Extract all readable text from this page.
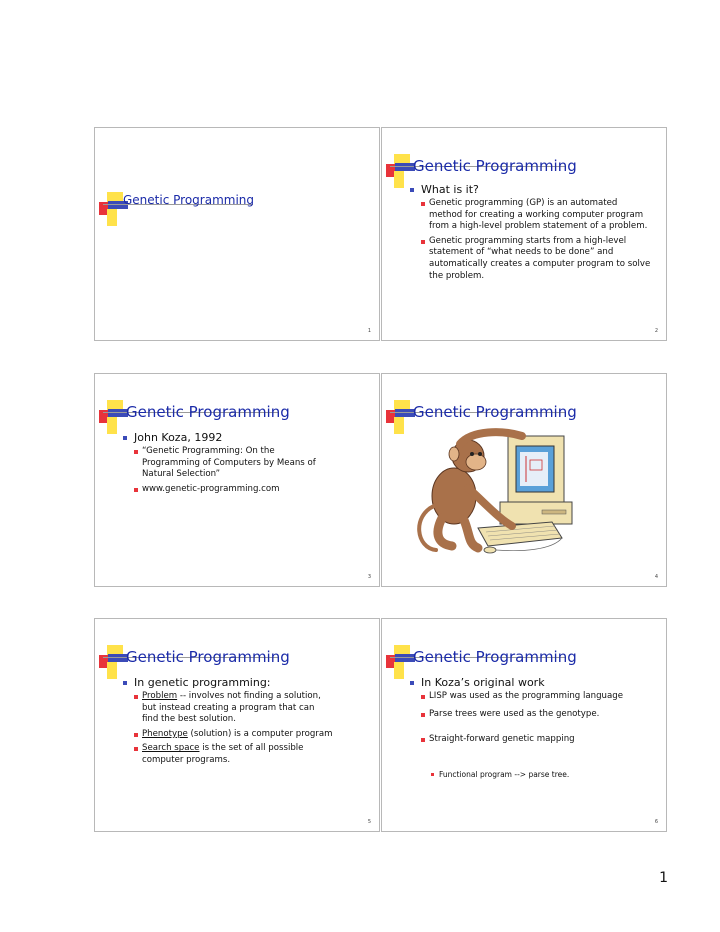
Genetic Programming
1
Genetic Programming
What is it?
Genetic programming (GP) is an automated method for creating a working computer program from a high-level problem statement of a problem.
Genetic programming starts from a high-level statement of “what needs to be done” and automatically creates a computer program to solve the problem.
2
Genetic Programming
John Koza, 1992
“Genetic Programming: On the Programming of Computers by Means of Natural Selection”
www.genetic-programming.com
3
Genetic Programming
4
Genetic Programming
In genetic programming:
Problem -- involves not finding a solution, but instead creating a program that can find the best solution.
Phenotype (solution) is a computer program
Search space is the set of all possible computer programs.
5
Genetic Programming
In Koza’s original work
LISP was used as the programming language
Parse trees were used as the genotype.
Straight-forward genetic mapping
Functional program --> parse tree.
6
1
